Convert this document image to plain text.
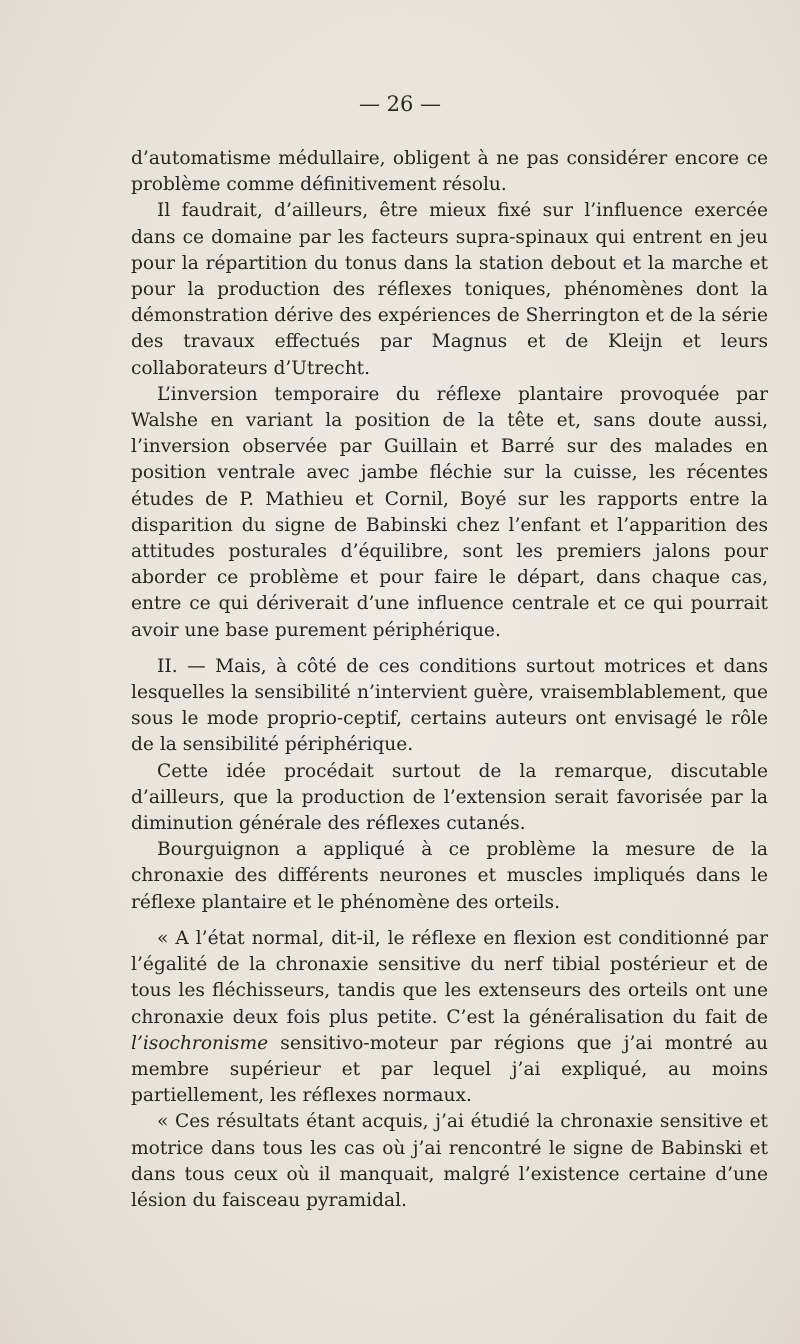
— 26 —

d’automatisme médullaire, obligent à ne pas considérer encore ce problème comme définitivement résolu.

Il faudrait, d’ailleurs, être mieux fixé sur l’influence exercée dans ce domaine par les facteurs supra-spinaux qui entrent en jeu pour la répartition du tonus dans la station debout et la marche et pour la production des réflexes toniques, phénomènes dont la démonstration dérive des expériences de Sherrington et de la série des travaux effectués par Magnus et de Kleijn et leurs collaborateurs d’Utrecht.

L’inversion temporaire du réflexe plantaire provoquée par Walshe en variant la position de la tête et, sans doute aussi, l’inversion observée par Guillain et Barré sur des malades en position ventrale avec jambe fléchie sur la cuisse, les récentes études de P. Mathieu et Cornil, Boyé sur les rapports entre la disparition du signe de Babinski chez l’enfant et l’apparition des attitudes posturales d’équilibre, sont les premiers jalons pour aborder ce problème et pour faire le départ, dans chaque cas, entre ce qui dériverait d’une influence centrale et ce qui pourrait avoir une base purement périphérique.

II. — Mais, à côté de ces conditions surtout motrices et dans lesquelles la sensibilité n’intervient guère, vraisemblablement, que sous le mode proprio-ceptif, certains auteurs ont envisagé le rôle de la sensibilité périphérique.

Cette idée procédait surtout de la remarque, discutable d’ailleurs, que la production de l’extension serait favorisée par la diminution générale des réflexes cutanés.

Bourguignon a appliqué à ce problème la mesure de la chronaxie des différents neurones et muscles impliqués dans le réflexe plantaire et le phénomène des orteils.

« A l’état normal, dit-il, le réflexe en flexion est conditionné par l’égalité de la chronaxie sensitive du nerf tibial postérieur et de tous les fléchisseurs, tandis que les extenseurs des orteils ont une chronaxie deux fois plus petite. C’est la généralisation du fait de l’isochronisme sensitivo-moteur par régions que j’ai montré au membre supérieur et par lequel j’ai expliqué, au moins partiellement, les réflexes normaux.

« Ces résultats étant acquis, j’ai étudié la chronaxie sensitive et motrice dans tous les cas où j’ai rencontré le signe de Babinski et dans tous ceux où il manquait, malgré l’existence certaine d’une lésion du faisceau pyramidal.
